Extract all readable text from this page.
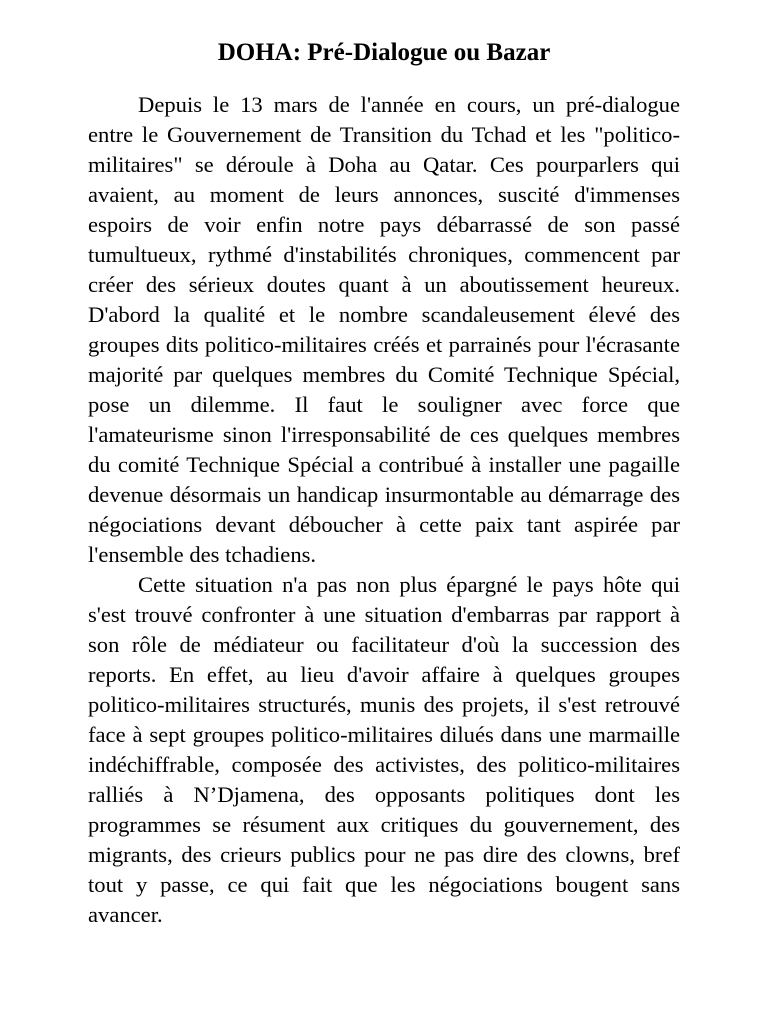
DOHA: Pré-Dialogue ou Bazar

Depuis le 13 mars de l'année en cours, un pré-dialogue entre le Gouvernement de Transition du Tchad et les "politico-militaires" se déroule à Doha au Qatar. Ces pourparlers qui avaient, au moment de leurs annonces, suscité d'immenses espoirs de voir enfin notre pays débarrassé de son passé tumultueux, rythmé d'instabilités chroniques, commencent par créer des sérieux doutes quant à un aboutissement heureux. D'abord la qualité et le nombre scandaleusement élevé des groupes dits politico-militaires créés et parrainés pour l'écrasante majorité par quelques membres du Comité Technique Spécial, pose un dilemme. Il faut le souligner avec force que l'amateurisme sinon l'irresponsabilité de ces quelques membres du comité Technique Spécial a contribué à installer une pagaille devenue désormais un handicap insurmontable au démarrage des négociations devant déboucher à cette paix tant aspirée par l'ensemble des tchadiens.

Cette situation n'a pas non plus épargné le pays hôte qui s'est trouvé confronter à une situation d'embarras par rapport à son rôle de médiateur ou facilitateur d'où la succession des reports. En effet, au lieu d'avoir affaire à quelques groupes politico-militaires structurés, munis des projets, il s'est retrouvé face à sept groupes politico-militaires dilués dans une marmaille indéchiffrable, composée des activistes, des politico-militaires ralliés à N’Djamena, des opposants politiques dont les programmes se résument aux critiques du gouvernement, des migrants, des crieurs publics pour ne pas dire des clowns, bref tout y passe, ce qui fait que les négociations bougent sans avancer.
